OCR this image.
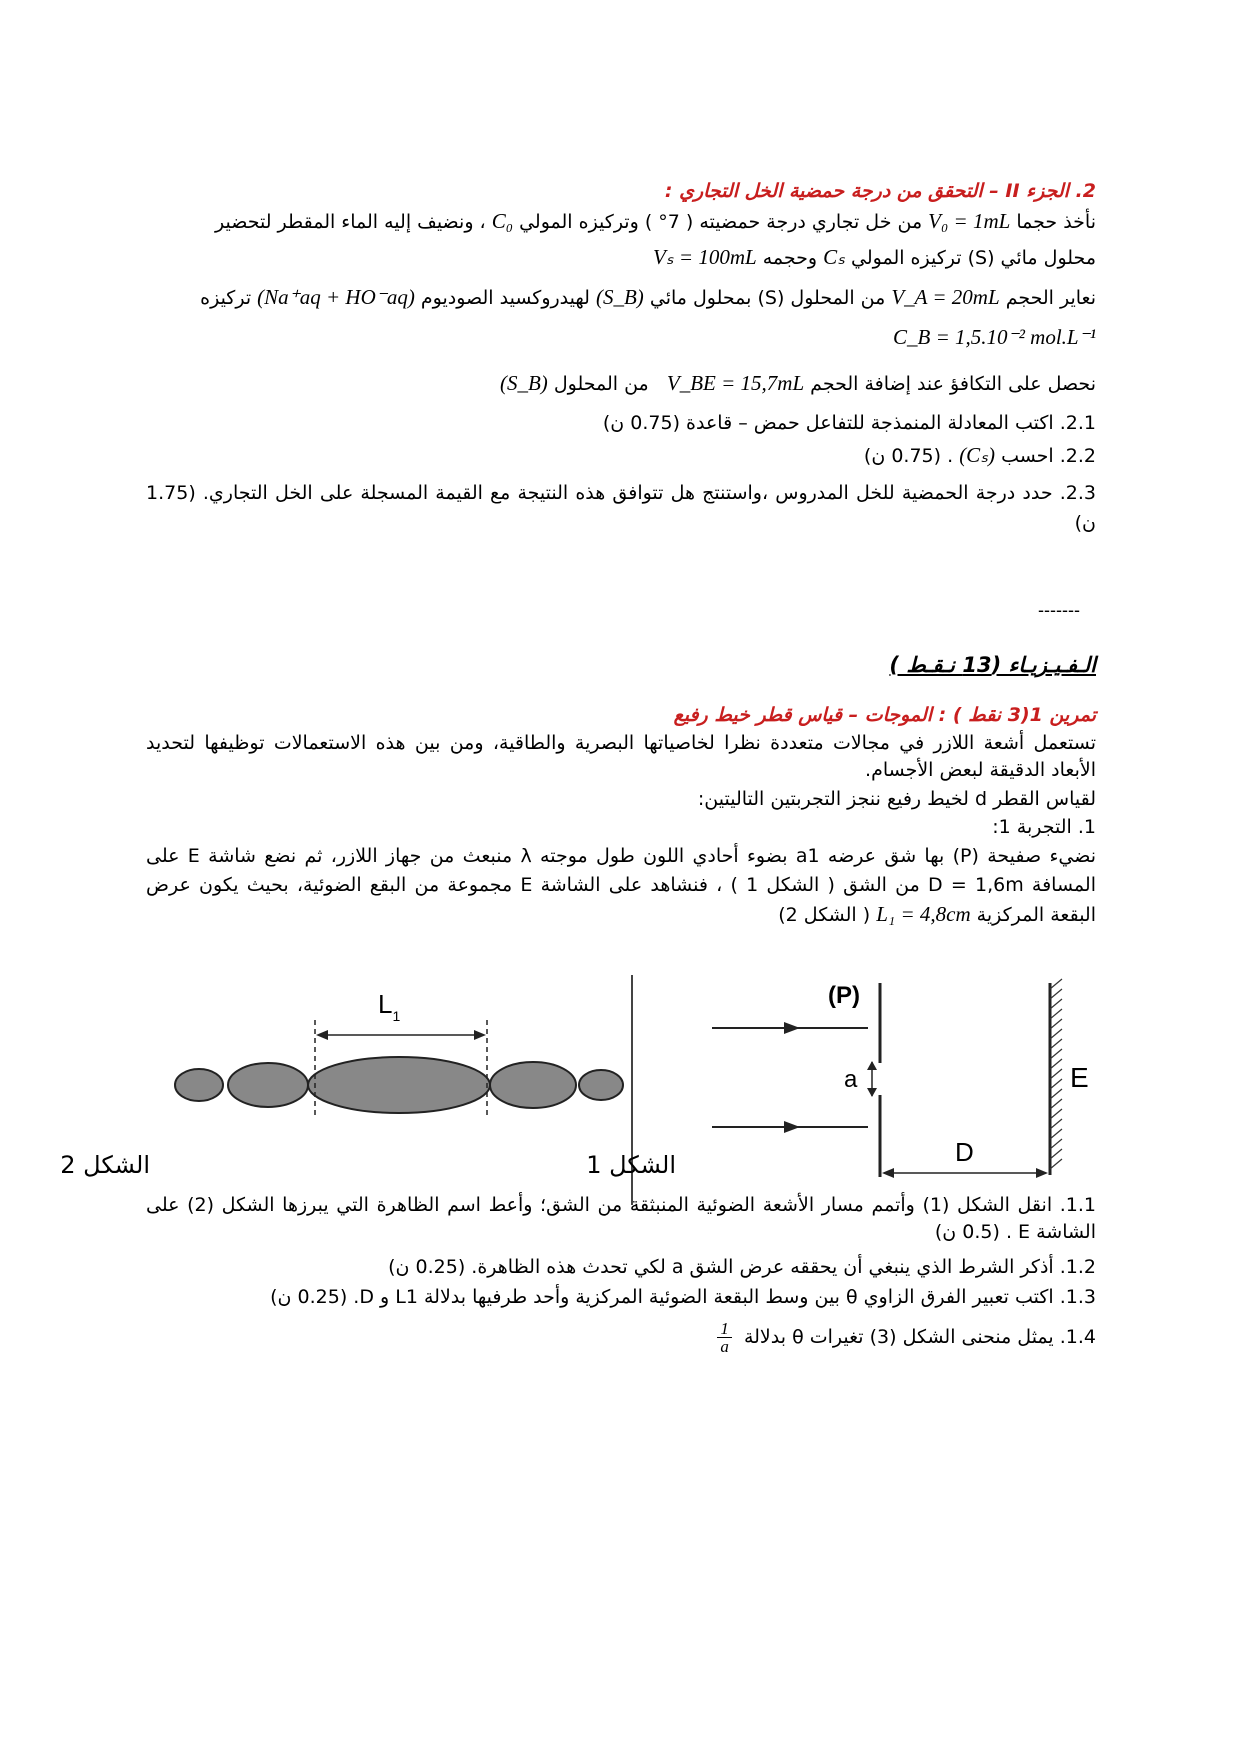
2. الجزء II – التحقق من درجة حمضية الخل التجاري :
نأخذ حجما V₀ = 1mL من خل تجاري درجة حمضيته ( 7° ) وتركيزه المولي C₀ ، ونضيف إليه الماء المقطر لتحضير
محلول مائي (S) تركيزه المولي Cₛ وحجمه Vₛ = 100mL
نعاير الحجم V_A = 20mL من المحلول (S) بمحلول مائي (S_B) لهيدروكسيد الصوديوم (Na⁺aq + HO⁻aq) تركيزه
C_B = 1,5.10⁻² mol.L⁻¹
نحصل على التكافؤ عند إضافة الحجم V_BE = 15,7mL   من المحلول (S_B)
2.1. اكتب المعادلة المنمذجة للتفاعل حمض – قاعدة (0.75 ن)
2.2. احسب (Cₛ) . (0.75 ن)
2.3. حدد درجة الحمضية للخل المدروس ،واستنتج هل تتوافق هذه النتيجة مع القيمة المسجلة على الخل التجاري. (1.75 ن)
-------
الـفـيـزيـاء (13 نـقـط )
تمرين 1(3 نقط ) : الموجات – قياس قطر خيط رفيع
تستعمل أشعة اللازر في مجالات متعددة نظرا لخاصياتها البصرية والطاقية، ومن بين هذه الاستعمالات توظيفها لتحديد الأبعاد الدقيقة لبعض الأجسام.
لقياس القطر d لخيط رفيع ننجز التجربتين التاليتين:
1. التجربة 1:
نضيء صفيحة (P) بها شق عرضه a1 بضوء أحادي اللون طول موجته λ منبعث من جهاز اللازر، ثم نضع شاشة E على المسافة D = 1,6m من الشق ( الشكل 1 ) ، فنشاهد على الشاشة E مجموعة من البقع الضوئية، بحيث يكون عرض البقعة المركزية L₁ = 4,8cm ( الشكل 2)
$L_1$
الشكل 2
a
(P)
E
D
الشكل 1
1.1. انقل الشكل (1) وأتمم مسار الأشعة الضوئية المنبثقة من الشق؛ وأعط اسم الظاهرة التي يبرزها الشكل (2) على الشاشة E . (0.5 ن)
1.2. أذكر الشرط الذي ينبغي أن يحققه عرض الشق a لكي تحدث هذه الظاهرة. (0.25 ن)
1.3. اكتب تعبير الفرق الزاوي θ بين وسط البقعة الضوئية المركزية وأحد طرفيها بدلالة L1 و D. (0.25 ن)
1.4. يمثل منحنى الشكل (3) تغيرات θ بدلالة
$\frac{1}{a}$
